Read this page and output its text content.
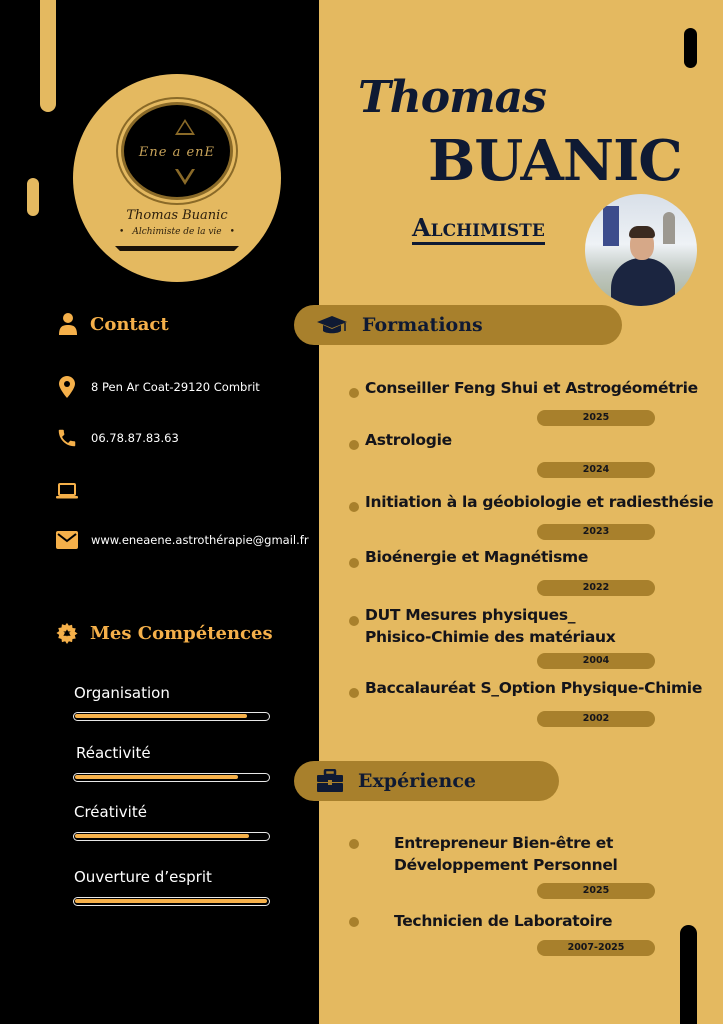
Ene a enE
Thomas Buanic
• Alchimiste de la vie •
Thomas
BUANIC
Alchimiste
Contact
8 Pen Ar Coat-29120 Combrit
06.78.87.83.63
www.eneaene.astrothérapie@gmail.fr
Mes Compétences
Organisation
Réactivité
Créativité
Ouverture d’esprit
Formations
Conseiller Feng Shui et Astrogéométrie
2025
Astrologie
2024
Initiation à la géobiologie et radiesthésie
2023
Bioénergie et Magnétisme
2022
DUT Mesures physiques_
Phisico-Chimie des matériaux
2004
Baccalauréat S_Option Physique-Chimie
2002
Expérience
Entrepreneur Bien-être et
Développement Personnel
2025
Technicien de Laboratoire
2007-2025
